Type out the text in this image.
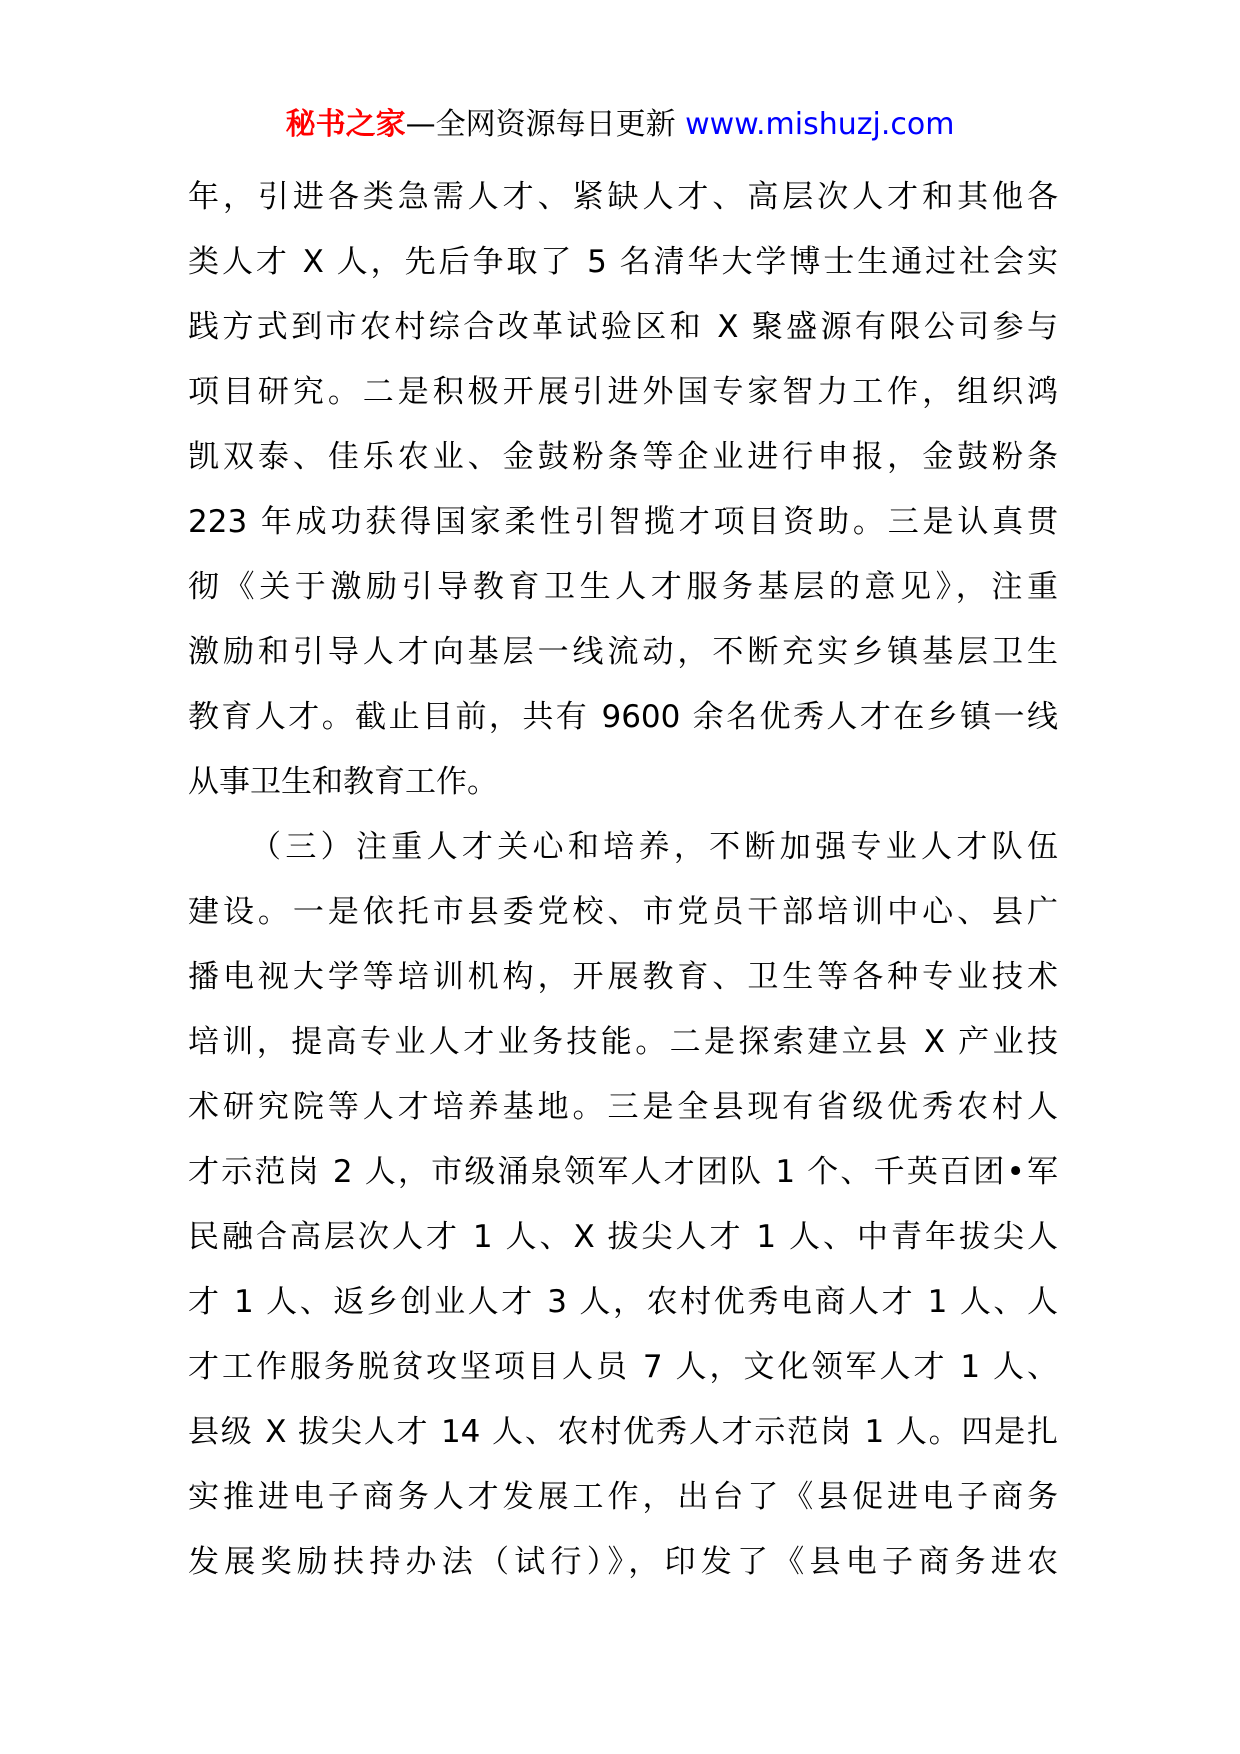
秘书之家—全网资源每日更新 www.mishuzj.com
年，引进各类急需人才、紧缺人才、高层次人才和其他各
类人才 X 人，先后争取了 5 名清华大学博士生通过社会实
践方式到市农村综合改革试验区和 X 聚盛源有限公司参与
项目研究。二是积极开展引进外国专家智力工作，组织鸿
凯双泰、佳乐农业、金鼓粉条等企业进行申报，金鼓粉条
223 年成功获得国家柔性引智揽才项目资助。三是认真贯
彻《关于激励引导教育卫生人才服务基层的意见》，注重
激励和引导人才向基层一线流动，不断充实乡镇基层卫生
教育人才。截止目前，共有 9600 余名优秀人才在乡镇一线
从事卫生和教育工作。
（三）注重人才关心和培养，不断加强专业人才队伍
建设。一是依托市县委党校、市党员干部培训中心、县广
播电视大学等培训机构，开展教育、卫生等各种专业技术
培训，提高专业人才业务技能。二是探索建立县 X 产业技
术研究院等人才培养基地。三是全县现有省级优秀农村人
才示范岗 2 人，市级涌泉领军人才团队 1 个、千英百团•军
民融合高层次人才 1 人、X 拔尖人才 1 人、中青年拔尖人
才 1 人、返乡创业人才 3 人，农村优秀电商人才 1 人、人
才工作服务脱贫攻坚项目人员 7 人，文化领军人才 1 人、
县级 X 拔尖人才 14 人、农村优秀人才示范岗 1 人。四是扎
实推进电子商务人才发展工作，出台了《县促进电子商务
发展奖励扶持办法（试行）》，印发了《县电子商务进农
